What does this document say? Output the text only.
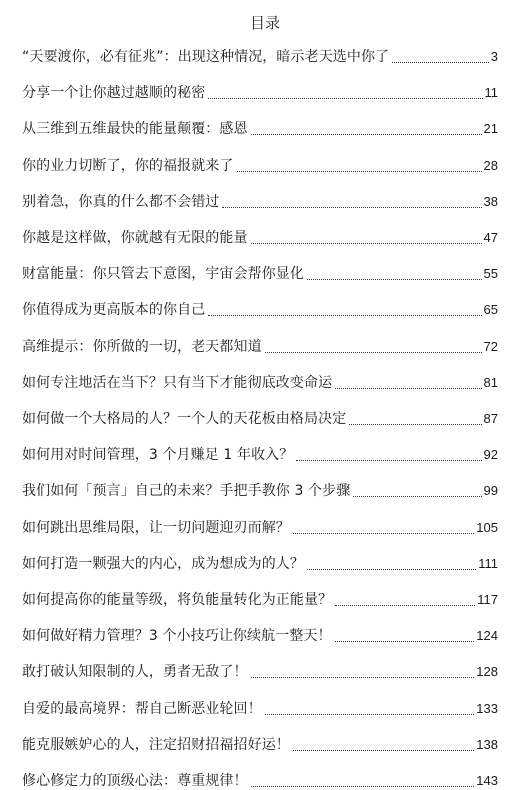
目录
“天要渡你，必有征兆”：出现这种情况，暗示老天选中你了	3
分享一个让你越过越顺的秘密	11
从三维到五维最快的能量颠覆：感恩	21
你的业力切断了，你的福报就来了	28
别着急，你真的什么都不会错过	38
你越是这样做，你就越有无限的能量	47
财富能量：你只管去下意图，宇宙会帮你显化	55
你值得成为更高版本的你自己	65
高维提示：你所做的一切，老天都知道	72
如何专注地活在当下？只有当下才能彻底改变命运	81
如何做一个大格局的人？一个人的天花板由格局决定	87
如何用对时间管理，3 个月赚足 1 年收入？	92
我们如何「预言」自己的未来？手把手教你 3 个步骤	99
如何跳出思维局限，让一切问题迎刃而解？	105
如何打造一颗强大的内心，成为想成为的人？	111
如何提高你的能量等级，将负能量转化为正能量？	117
如何做好精力管理？3 个小技巧让你续航一整天！	124
敢打破认知限制的人，勇者无敌了！	128
自爱的最高境界：帮自己断恶业轮回！	133
能克服嫉妒心的人，注定招财招福招好运！	138
修心修定力的顶级心法：尊重规律！	143
